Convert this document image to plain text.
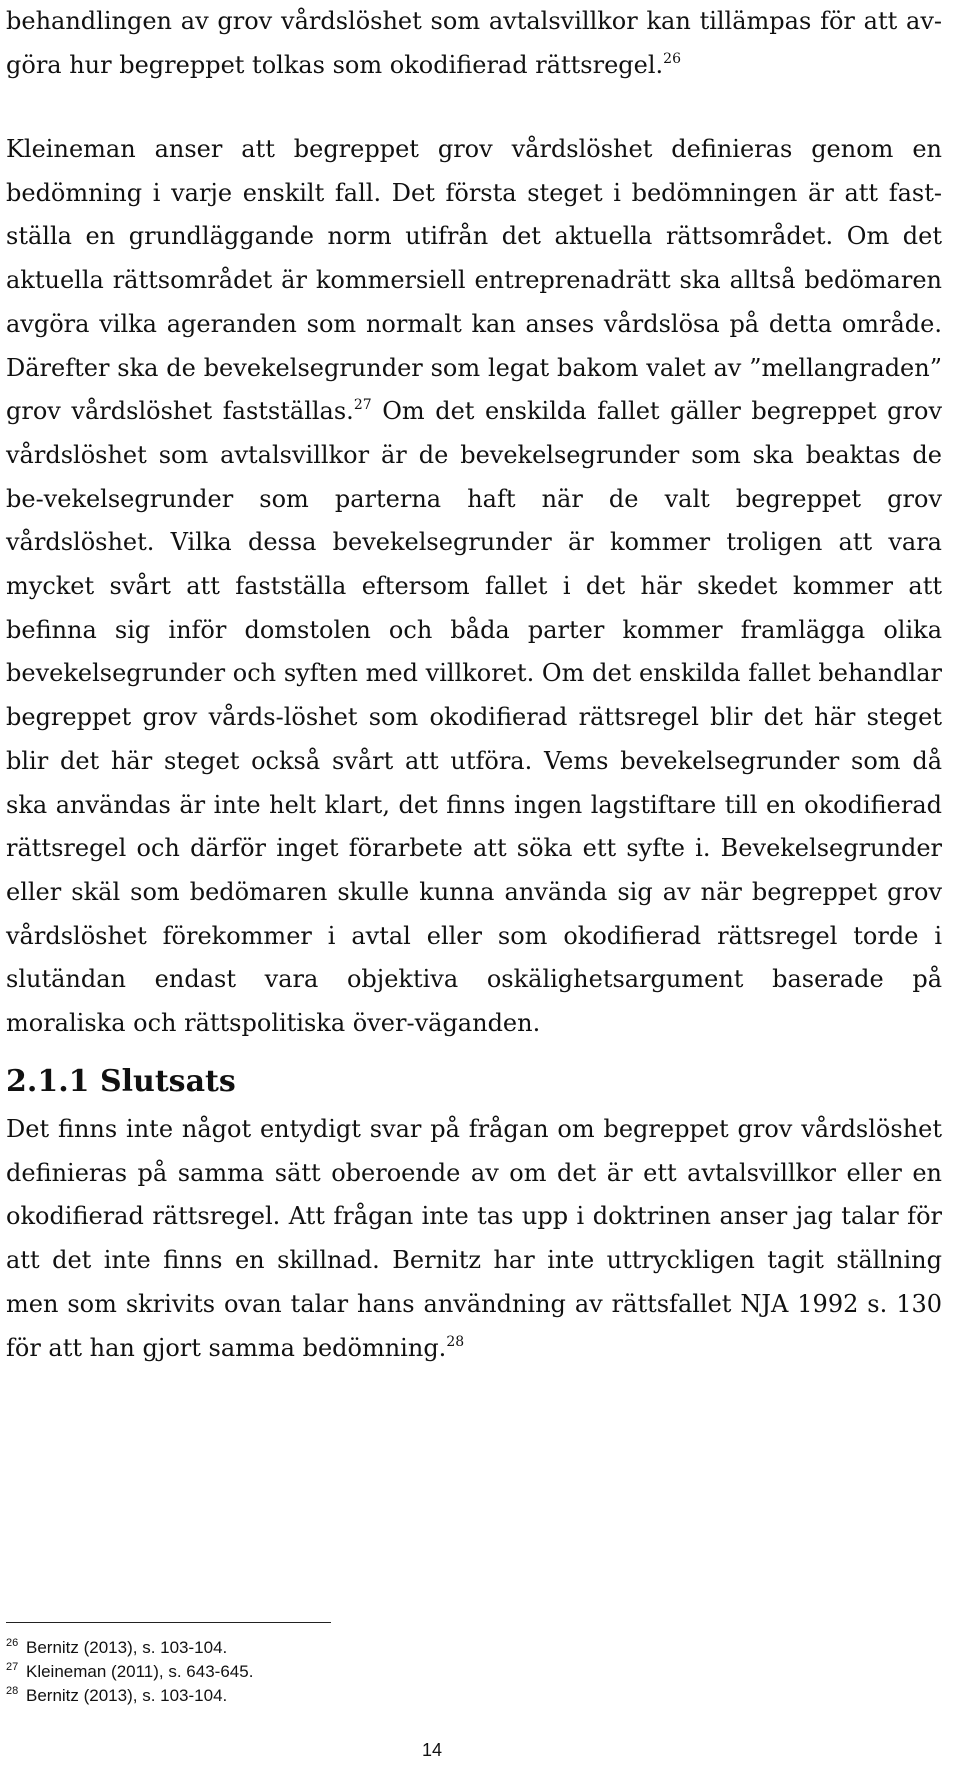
behandlingen av grov vårdslöshet som avtalsvillkor kan tillämpas för att av-göra hur begreppet tolkas som okodifierad rättsregel.$^{26}$

Kleineman anser att begreppet grov vårdslöshet definieras genom en bedömning i varje enskilt fall. Det första steget i bedömningen är att fast-ställa en grundläggande norm utifrån det aktuella rättsområdet. Om det aktuella rättsområdet är kommersiell entreprenadrätt ska alltså bedömaren avgöra vilka ageranden som normalt kan anses vårdslösa på detta område. Därefter ska de bevekelsegrunder som legat bakom valet av ”mellangraden” grov vårdslöshet fastställas.$^{27}$ Om det enskilda fallet gäller begreppet grov vårdslöshet som avtalsvillkor är de bevekelsegrunder som ska beaktas de be-vekelsegrunder som parterna haft när de valt begreppet grov vårdslöshet. Vilka dessa bevekelsegrunder är kommer troligen att vara mycket svårt att fastställa eftersom fallet i det här skedet kommer att befinna sig inför domstolen och båda parter kommer framlägga olika bevekelsegrunder och syften med villkoret. Om det enskilda fallet behandlar begreppet grov vårds-löshet som okodifierad rättsregel blir det här steget blir det här steget också svårt att utföra. Vems bevekelsegrunder som då ska användas är inte helt klart, det finns ingen lagstiftare till en okodifierad rättsregel och därför inget förarbete att söka ett syfte i. Bevekelsegrunder eller skäl som bedömaren skulle kunna använda sig av när begreppet grov vårdslöshet förekommer i avtal eller som okodifierad rättsregel torde i slutändan endast vara objektiva oskälighetsargument baserade på moraliska och rättspolitiska över-väganden.

2.1.1 Slutsats

Det finns inte något entydigt svar på frågan om begreppet grov vårdslöshet definieras på samma sätt oberoende av om det är ett avtalsvillkor eller en okodifierad rättsregel. Att frågan inte tas upp i doktrinen anser jag talar för att det inte finns en skillnad. Bernitz har inte uttryckligen tagit ställning men som skrivits ovan talar hans användning av rättsfallet NJA 1992 s. 130 för att han gjort samma bedömning.$^{28}$

$^{26}$ Bernitz (2013), s. 103-104.
$^{27}$ Kleineman (2011), s. 643-645.
$^{28}$ Bernitz (2013), s. 103-104.
14
